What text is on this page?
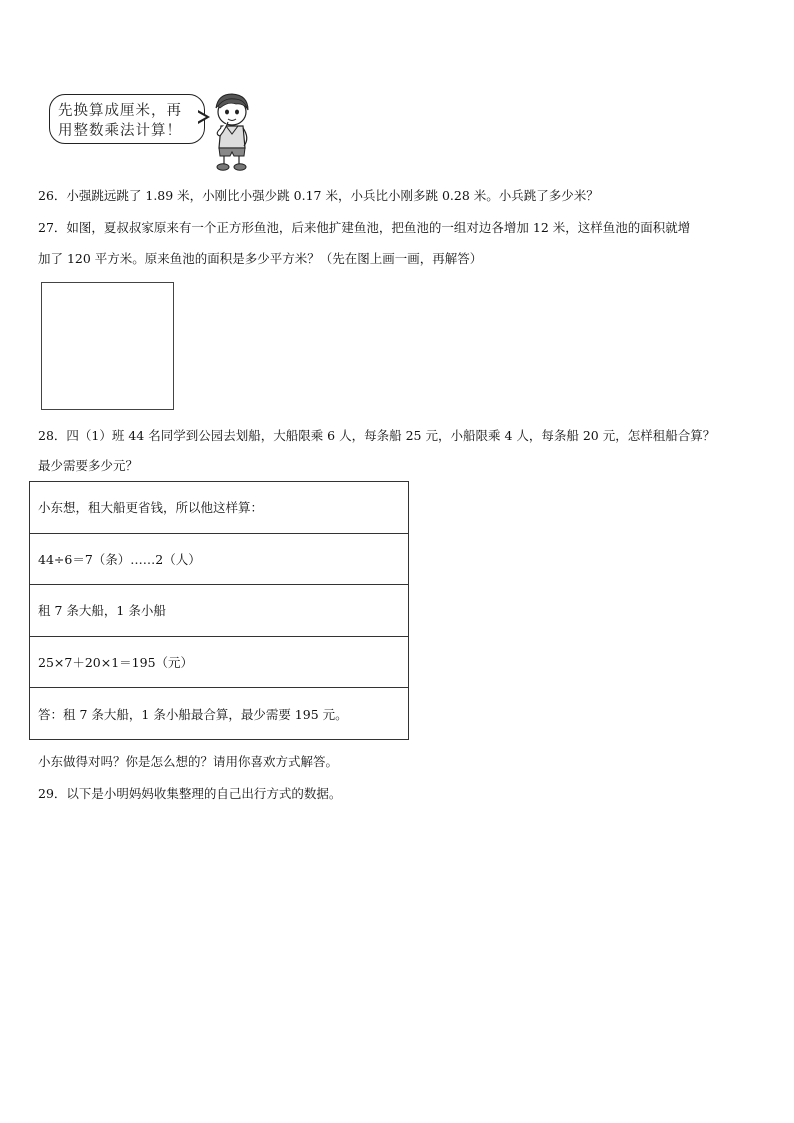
先换算成厘米，再
用整数乘法计算！
26．小强跳远跳了 1.89 米，小刚比小强少跳 0.17 米，小兵比小刚多跳 0.28 米。小兵跳了多少米？
27．如图，夏叔叔家原来有一个正方形鱼池，后来他扩建鱼池，把鱼池的一组对边各增加 12 米，这样鱼池的面积就增
加了 120 平方米。原来鱼池的面积是多少平方米？（先在图上画一画，再解答）
28．四（1）班 44 名同学到公园去划船，大船限乘 6 人，每条船 25 元，小船限乘 4 人，每条船 20 元，怎样租船合算？
最少需要多少元？
小东想，租大船更省钱，所以他这样算：
44÷6＝7（条）……2（人）
租 7 条大船，1 条小船
25×7＋20×1＝195（元）
答：租 7 条大船，1 条小船最合算，最少需要 195 元。
小东做得对吗？你是怎么想的？请用你喜欢方式解答。
29．以下是小明妈妈收集整理的自己出行方式的数据。
